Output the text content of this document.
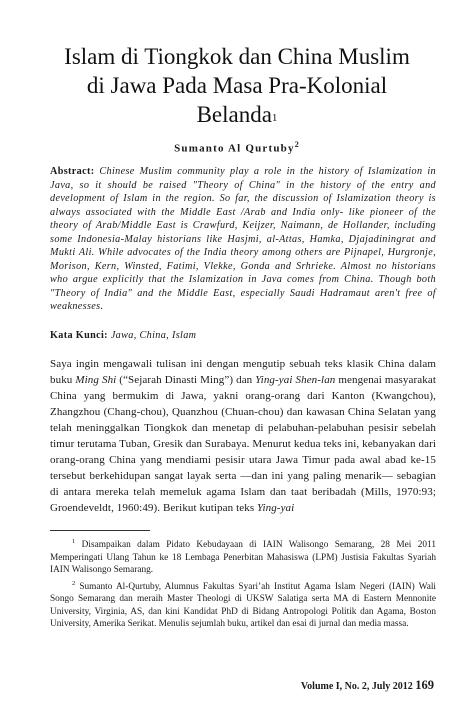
Islam di Tiongkok dan China Muslim
di Jawa Pada Masa Pra-Kolonial
Belanda$^1$
Sumanto Al Qurtuby$^2$
Abstract: Chinese Muslim community play a role in the history of Islamization in Java, so it should be raised "Theory of China" in the history of the entry and development of Islam in the region. So far, the discussion of Islamization theory is always associated with the Middle East /Arab and India only- like pioneer of the theory of Arab/Middle East is Crawfurd, Keijzer, Naimann, de Hollander, including some Indonesia-Malay historians like Hasjmi, al-Attas, Hamka, Djajadiningrat and Mukti Ali. While advocates of the India theory among others are Pijnapel, Hurgronje, Morison, Kern, Winsted, Fatimi, Vlekke, Gonda and Srhrieke. Almost no historians who argue explicitly that the Islamization in Java comes from China. Though both "Theory of India" and the Middle East, especially Saudi Hadramaut aren't free of weaknesses.
Kata Kunci: Jawa, China, Islam

Saya ingin mengawali tulisan ini dengan mengutip sebuah teks klasik China dalam buku Ming Shi (“Sejarah Dinasti Ming”) dan Ying-yai Shen-lan mengenai masyarakat China yang bermukim di Jawa, yakni orang-orang dari Kanton (Kwangchou), Zhangzhou (Chang-chou), Quanzhou (Chuan-chou) dan kawasan China Selatan yang telah meninggalkan Tiongkok dan menetap di pelabuhan-pelabuhan pesisir sebelah timur terutama Tuban, Gresik dan Surabaya. Menurut kedua teks ini, kebanyakan dari orang-orang China yang mendiami pesisir utara Jawa Timur pada awal abad ke-15 tersebut berkehidupan sangat layak serta —dan ini yang paling menarik— sebagian di antara mereka telah memeluk agama Islam dan taat beribadah (Mills, 1970:93; Groendeveldt, 1960:49). Berikut kutipan teks Ying-yai

$^1$ Disampaikan dalam Pidato Kebudayaan di IAIN Walisongo Semarang, 28 Mei 2011 Memperingati Ulang Tahun ke 18 Lembaga Penerbitan Mahasiswa (LPM) Justisia Fakultas Syariah IAIN Walisongo Semarang.

$^2$ Sumanto Al-Qurtuby, Alumnus Fakultas Syari’ah Institut Agama Islam Negeri (IAIN) Wali Songo Semarang dan meraih Master Theologi di UKSW Salatiga serta MA di Eastern Mennonite University, Virginia, AS, dan kini Kandidat PhD di Bidang Antropologi Politik dan Agama, Boston University, Amerika Serikat. Menulis sejumlah buku, artikel dan esai di jurnal dan media massa.

Volume I, No. 2, July 2012 169
